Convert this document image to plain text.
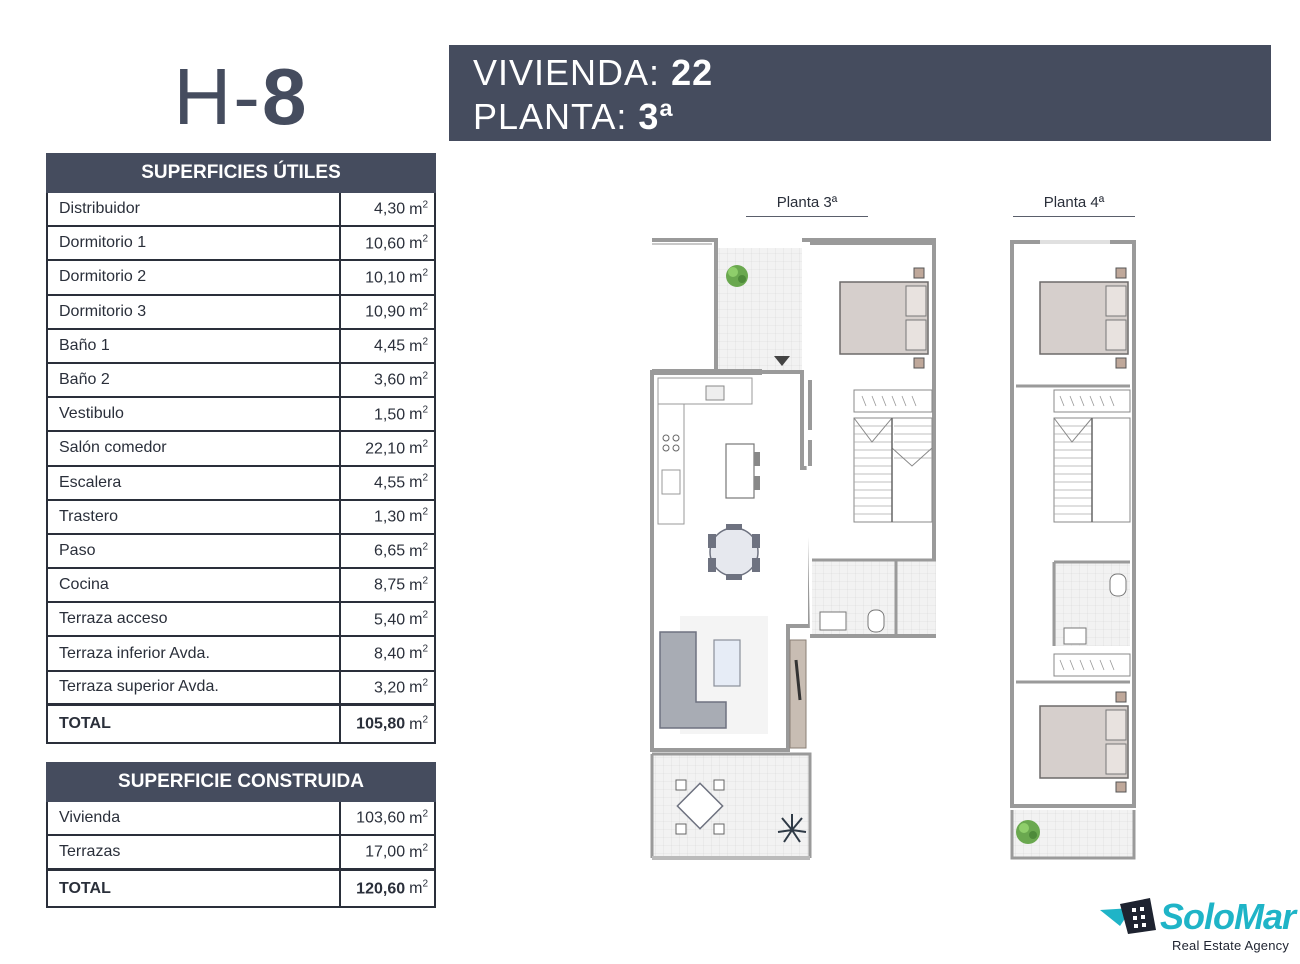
H-8	VIVIENDA: 22
PLANTA: 3ª
SUPERFICIES ÚTILES	
Distribuidor	4,30 $m^2$
Dormitorio 1	10,60 $m^2$
Dormitorio 2	10,10 $m^2$
Dormitorio 3	10,90 $m^2$
Baño 1	4,45 $m^2$
Baño 2	3,60 $m^2$
Vestibulo	1,50 $m^2$
Salón comedor	22,10 $m^2$
Escalera	4,55 $m^2$
Trastero	1,30 $m^2$
Paso	6,65 $m^2$
Cocina	8,75 $m^2$
Terraza acceso	5,40 $m^2$
Terraza inferior Avda.	8,40 $m^2$
Terraza superior Avda.	3,20 $m^2$
TOTAL	105,80 $m^2$
SUPERFICIE CONSTRUIDA	
Vivienda	103,60 $m^2$
Terrazas	17,00 $m^2$
TOTAL	120,60 $m^2$
Planta 3ª	Planta 4ª
SoloMar
Real Estate Agency
